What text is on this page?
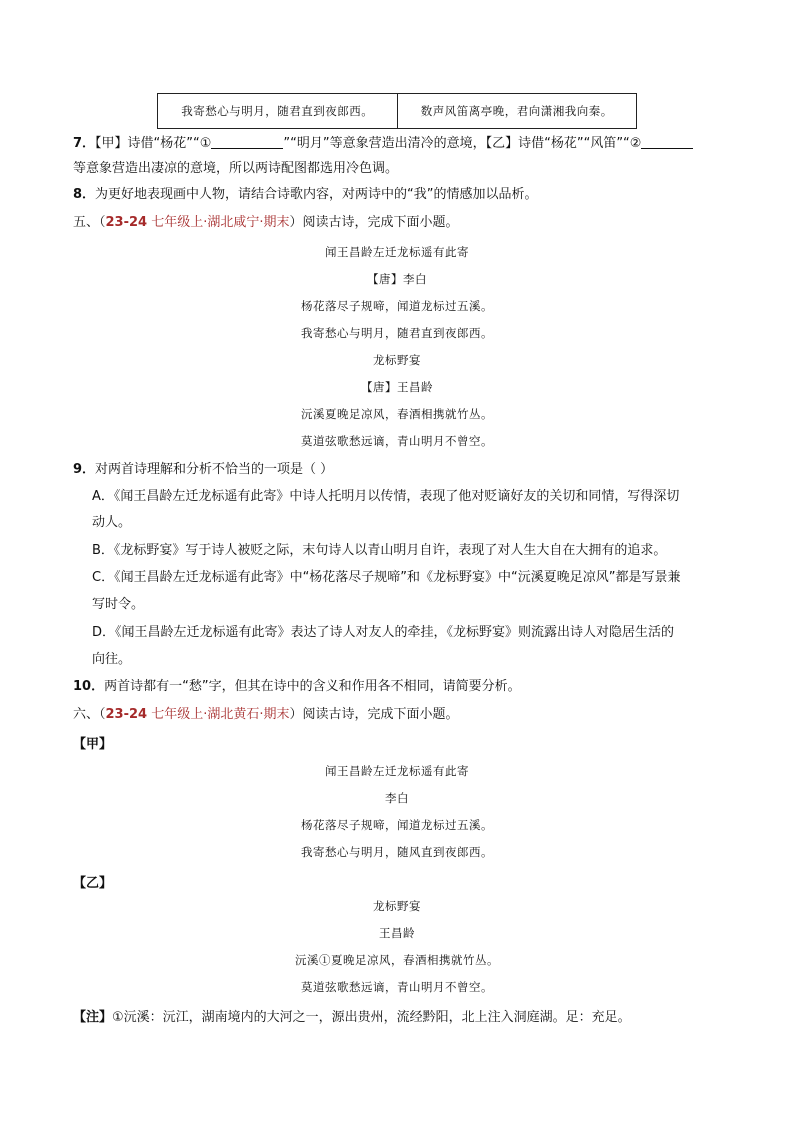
我寄愁心与明月，随君直到夜郎西。	数声风笛离亭晚，君向潇湘我向秦。
7．【甲】诗借“杨花”“①	”“明月”等意象营造出清冷的意境，【乙】诗借“杨花”“风笛”“②
等意象营造出凄凉的意境，所以两诗配图都选用冷色调。
8．为更好地表现画中人物，请结合诗歌内容，对两诗中的“我”的情感加以品析。
五、（23-24 七年级上·湖北咸宁·期末）阅读古诗，完成下面小题。
闻王昌龄左迁龙标遥有此寄
【唐】李白
杨花落尽子规啼，闻道龙标过五溪。
我寄愁心与明月，随君直到夜郎西。
龙标野宴
【唐】王昌龄
沅溪夏晚足凉风，春酒相携就竹丛。
莫道弦歌愁远谪，青山明月不曾空。
9．对两首诗理解和分析不恰当的一项是（ ）
A．《闻王昌龄左迁龙标遥有此寄》中诗人托明月以传情，表现了他对贬谪好友的关切和同情，写得深切
动人。
B．《龙标野宴》写于诗人被贬之际，末句诗人以青山明月自许，表现了对人生大自在大拥有的追求。
C．《闻王昌龄左迁龙标遥有此寄》中“杨花落尽子规啼”和《龙标野宴》中“沅溪夏晚足凉风”都是写景兼
写时令。
D．《闻王昌龄左迁龙标遥有此寄》表达了诗人对友人的牵挂，《龙标野宴》则流露出诗人对隐居生活的
向往。
10．两首诗都有一“愁”字，但其在诗中的含义和作用各不相同，请简要分析。
六、（23-24 七年级上·湖北黄石·期末）阅读古诗，完成下面小题。
【甲】
闻王昌龄左迁龙标遥有此寄
李白
杨花落尽子规啼，闻道龙标过五溪。
我寄愁心与明月，随风直到夜郎西。
【乙】
龙标野宴
王昌龄
沅溪①夏晚足凉风，春酒相携就竹丛。
莫道弦歌愁远谪，青山明月不曾空。
【注】①沅溪：沅江，湖南境内的大河之一，源出贵州，流经黔阳，北上注入洞庭湖。足：充足。
